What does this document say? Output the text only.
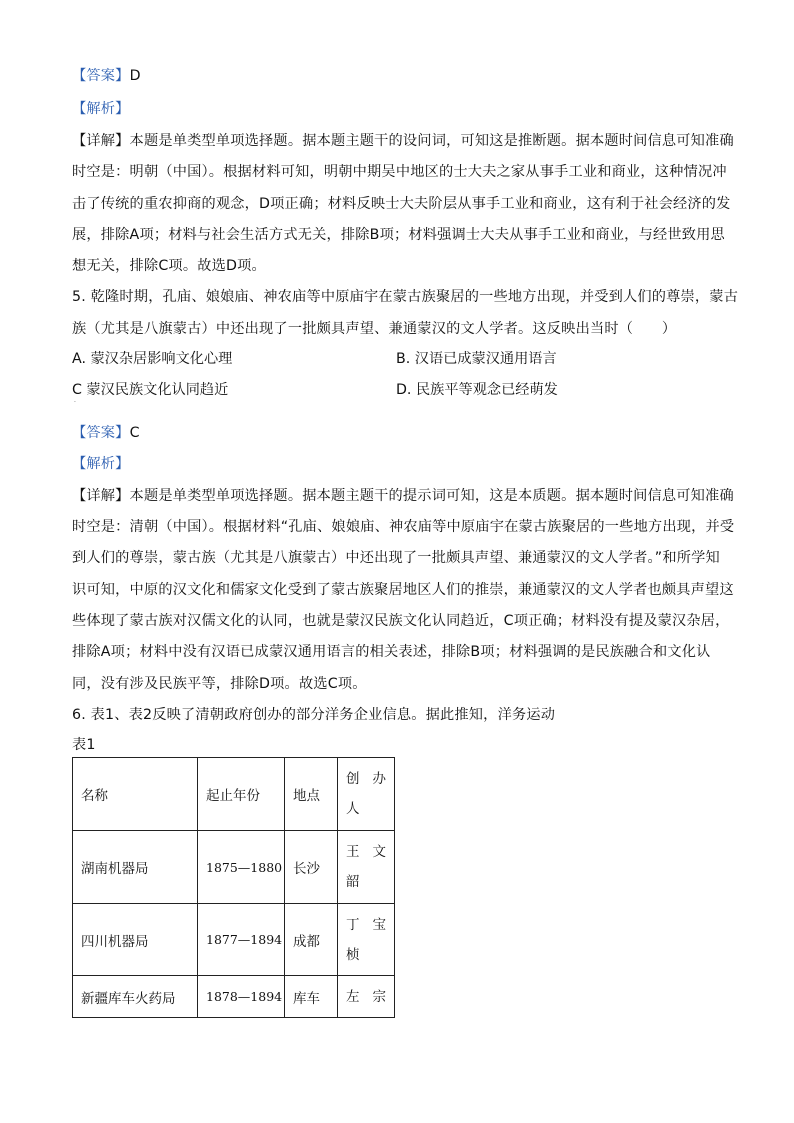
【答案】D
【解析】
【详解】本题是单类型单项选择题。据本题主题干的设问词，可知这是推断题。据本题时间信息可知准确
时空是：明朝（中国）。根据材料可知，明朝中期吴中地区的士大夫之家从事手工业和商业，这种情况冲
击了传统的重农抑商的观念，D项正确；材料反映士大夫阶层从事手工业和商业，这有利于社会经济的发
展，排除A项；材料与社会生活方式无关，排除B项；材料强调士大夫从事手工业和商业，与经世致用思
想无关，排除C项。故选D项。
5. 乾隆时期，孔庙、娘娘庙、神农庙等中原庙宇在蒙古族聚居的一些地方出现，并受到人们的尊崇，蒙古
族（尤其是八旗蒙古）中还出现了一批颇具声望、兼通蒙汉的文人学者。这反映出当时（　　）
A. 蒙汉杂居影响文化心理	B. 汉语已成蒙汉通用语言
C 蒙汉民族文化认同趋近	D. 民族平等观念已经萌发
.
【答案】C
【解析】
【详解】本题是单类型单项选择题。据本题主题干的提示词可知，这是本质题。据本题时间信息可知准确
时空是：清朝（中国）。根据材料“孔庙、娘娘庙、神农庙等中原庙宇在蒙古族聚居的一些地方出现，并受
到人们的尊崇，蒙古族（尤其是八旗蒙古）中还出现了一批颇具声望、兼通蒙汉的文人学者。”和所学知
识可知，中原的汉文化和儒家文化受到了蒙古族聚居地区人们的推崇，兼通蒙汉的文人学者也颇具声望这
些体现了蒙古族对汉儒文化的认同，也就是蒙汉民族文化认同趋近，C项正确；材料没有提及蒙汉杂居，
排除A项；材料中没有汉语已成蒙汉通用语言的相关表述，排除B项；材料强调的是民族融合和文化认
同，没有涉及民族平等，排除D项。故选C项。
6. 表1、表2反映了清朝政府创办的部分洋务企业信息。据此推知，洋务运动
表1
名称	起止年份	地点	创 办
人

湖南机器局	1875—1880	长沙	王 文
韶

四川机器局	1877—1894	成都	丁 宝
桢

新疆库车火药局	1878—1894	库车	左 宗
